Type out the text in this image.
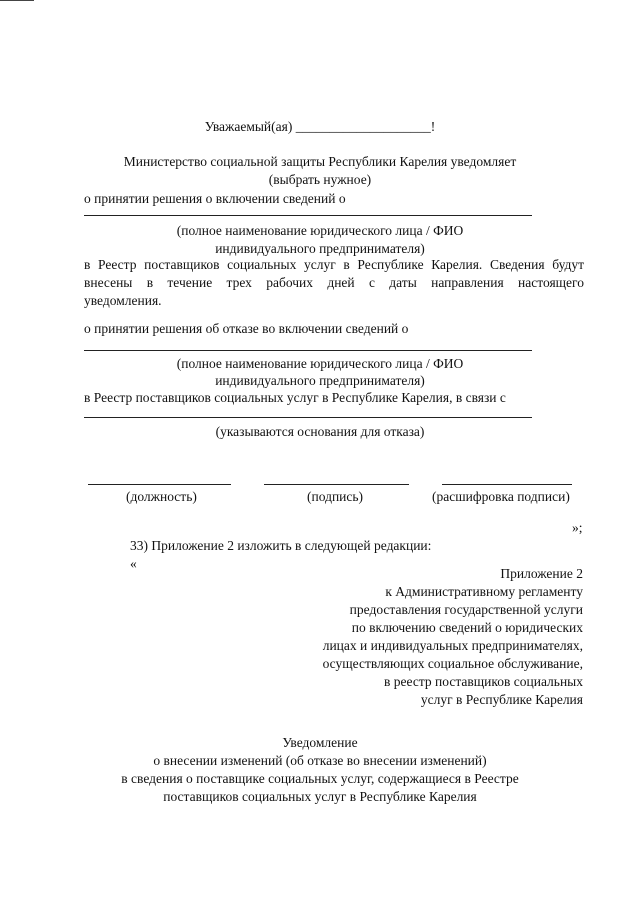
Уважаемый(ая) ____________________!
Министерство социальной защиты Республики Карелия уведомляет
(выбрать нужное)
о принятии решения о включении сведений о
(полное наименование юридического лица / ФИО
индивидуального предпринимателя)
в Реестр поставщиков социальных услуг в Республике Карелия. Сведения будут
внесены в течение трех рабочих дней с даты направления настоящего
уведомления.
о принятии решения об отказе во включении сведений о
(полное наименование юридического лица / ФИО
индивидуального предпринимателя)
в Реестр поставщиков социальных услуг в Республике Карелия, в связи с
(указываются основания для отказа)
(должность)	(подпись)	(расшифровка подписи)
»;
33) Приложение 2 изложить в следующей редакции:
«
Приложение 2
к Административному регламенту
предоставления государственной услуги
по включению сведений о юридических
лицах и индивидуальных предпринимателях,
осуществляющих социальное обслуживание,
в реестр поставщиков социальных
услуг в Республике Карелия
Уведомление
о внесении изменений (об отказе во внесении изменений)
в сведения о поставщике социальных услуг, содержащиеся в Реестре
поставщиков социальных услуг в Республике Карелия
